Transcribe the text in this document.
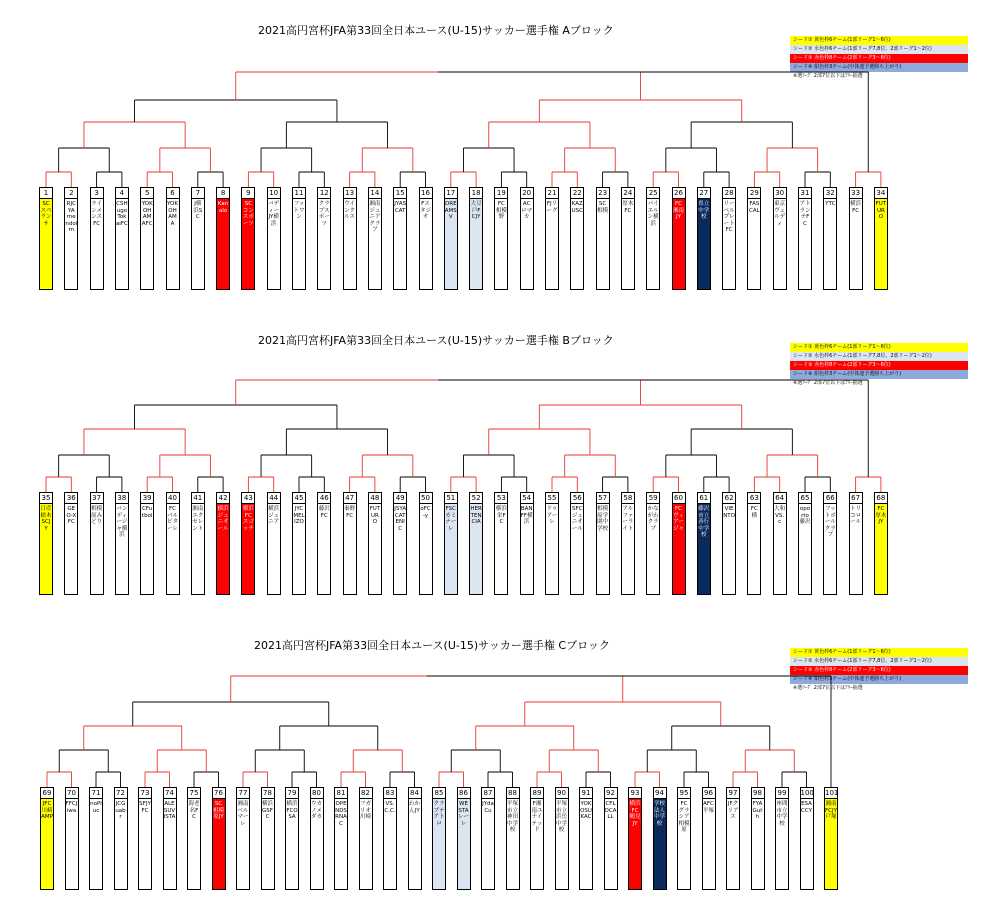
2021高円宮杯JFA第33回全日本ユース(U-15)サッカー選手権 Aブロック
シード① 黄色枠6チーム(1部リーグ1～6位)
シード② 水色枠6チーム(1部リーグ7,8位、2部リーグ1～2位)
シード③ 赤色枠8チーム(2部リーグ3～6位)
シード④ 紺色枠3チーム(中体連予選勝ち上がり)
※選ﾘｰｸﾞ 2部7位以下はﾌﾘｰ抽選
1
SCスペランサ
2
RJCYAmendoim
3
ラインメンスFC
4
CSHugoTokaiFC
5
YOKOHAMAFC
6
YOKOHAMA
7
J横浜SC
8
Kanalo
9
SCコンスポーツ
10
バディーJY横浜
11
フットワン
12
クラブスポーツ
13
ウインクルス
14
湘南ジュニアクラブ
15
JYASCAT
16
Fスタジオ
17
DREAMSV
18
大豆戸FCJY
19
FC相模野
20
ACロマカ
21
FJリーグ
22
KAZUSC
23
SC相模
24
厚木FC
25
バイエルン横浜
26
FC湘南JY
27
県立中学校
28
リーベルプレートFC
29
FASCAL
30
東京ヴェルディ
31
アトランテFC
32
YTC
33
横浜FC
34
FUTURO
2021高円宮杯JFA第33回全日本ユース(U-15)サッカー選手権 Bブロック	シード① 黄色枠6チーム(1部リーグ1～6位)
シード② 水色枠6チーム(1部リーグ7,8位、2部リーグ1～2位)
シード③ 赤色枠8チーム(2部リーグ3～6位)
シード④ 紺色枠3チーム(中体連予選勝ち上がり)
※選ﾘｰｸﾞ 2部7位以下はﾌﾘｰ抽選
35
日産栃木SCJY
36
GEO-XFC
37
相模原みどり
38
バンディージャ横浜
39
CFutbol
40
FCパルピターレ
41
湘南エクセレント
42
横浜ジュニオール
43
横浜FCスゴッチ
44
横浜ジュニア
45
JYCMELIZO
46
藤沢FC
47
秦野FC
48
FUTURO
49
JSYACATENIC
50
oFC-y
51
FSCカミナーレ
52
HERTENCIA
53
横浜栄FC
54
BANFF横浜
55
ドゥアーレ
56
SFCジュニオール
57
相模原学園中学校
58
アルファーライト
59
かながわクラブ
60
FCヴィアージャ
61
藤沢市立善行中学校
62
VIENTO
63
FC横
64
大和VS.c
65
oporto藤沢
66
フットボールクラブ
67
トリコロール
68
FC厚木JY
2021高円宮杯JFA第33回全日本ユース(U-15)サッカー選手権 Cブロック	シード① 黄色枠6チーム(1部リーグ1～6位)
シード② 水色枠6チーム(1部リーグ7,8位、2部リーグ1～2位)
シード③ 赤色枠8チーム(2部リーグ3～6位)
シード④ 紺色枠3チーム(中体連予選勝ち上がり)
※選ﾘｰｸﾞ 2部7位以下はﾌﾘｰ抽選
69
JFC川崎AMP
70
FFCJiwa
71
noPluc
72
JCGuabr
73
SFJYFC
74
ALESUVISTA
75
海老名FC
76
SC相模原JY
77
湘南ベルマーレ
78
横浜GSFC
79
横浜FCOSA
80
ウカノメダカ
81
OPENDSRNAC
82
フガリオ川崎
83
VS.C.C.
84
わかんJY
85
クラブテアトロ
86
WESTAレーレ
87
JYdaCu
88
平塚市立神田中学校
89
F湘南ユナイテッド
90
平塚市立浜岳中学校
91
YOKOSUKAC
92
CFLOCALL
93
横浜FC鶴見JY
94
学校法人中学校
95
FCグラシア相模原
96
AFC平塚
97
JFクリアス
98
FYAGuth
99
座間市立中学校
100
ESACCY
101
湘南FCJY戸塚
